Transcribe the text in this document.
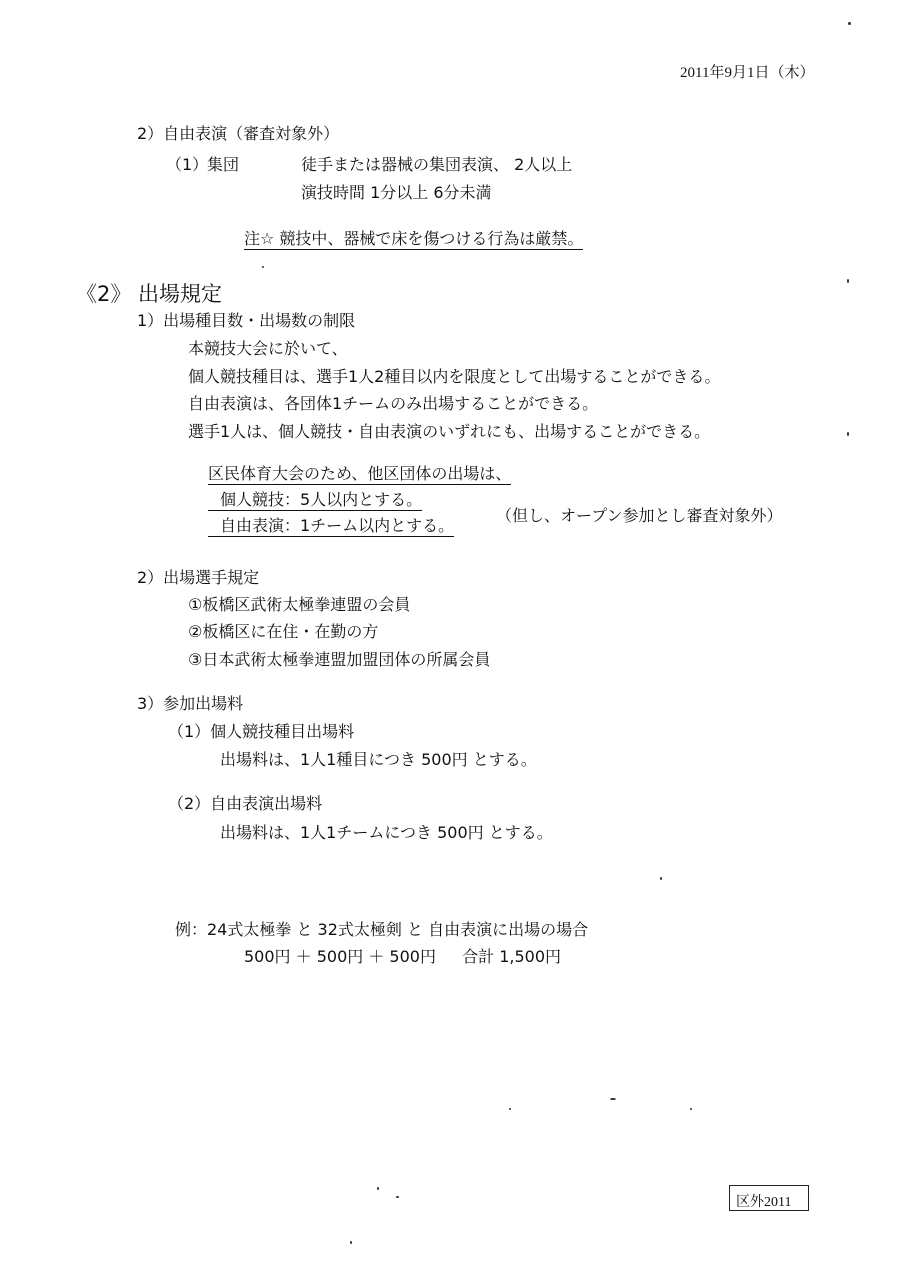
2011年9月1日（木）
2）自由表演（審査対象外）
（1）
集団	徒手または器械の集団表演、 2人以上
演技時間 1分以上 6分未満
注☆ 競技中、器械で床を傷つける行為は厳禁。
《2》 出場規定
1）出場種目数・出場数の制限
本競技大会に於いて、
個人競技種目は、選手1人2種目以内を限度として出場することができる。
自由表演は、各団体1チームのみ出場することができる。
選手1人は、個人競技・自由表演のいずれにも、出場することができる。
区民体育大会のため、他区団体の出場は、
個人競技：5人以内とする。
自由表演：1チーム以内とする。
（但し、オープン参加とし審査対象外）
2）出場選手規定
①板橋区武術太極拳連盟の会員
②板橋区に在住・在勤の方
③日本武術太極拳連盟加盟団体の所属会員
3）参加出場料
（1）個人競技種目出場料
出場料は、1人1種目につき 500円 とする。
（2）自由表演出場料
出場料は、1人1チームにつき 500円 とする。
例：24式太極拳 と 32式太極剣 と 自由表演に出場の場合
500円 ＋ 500円 ＋ 500円 　 合計 1,500円
区外2011
